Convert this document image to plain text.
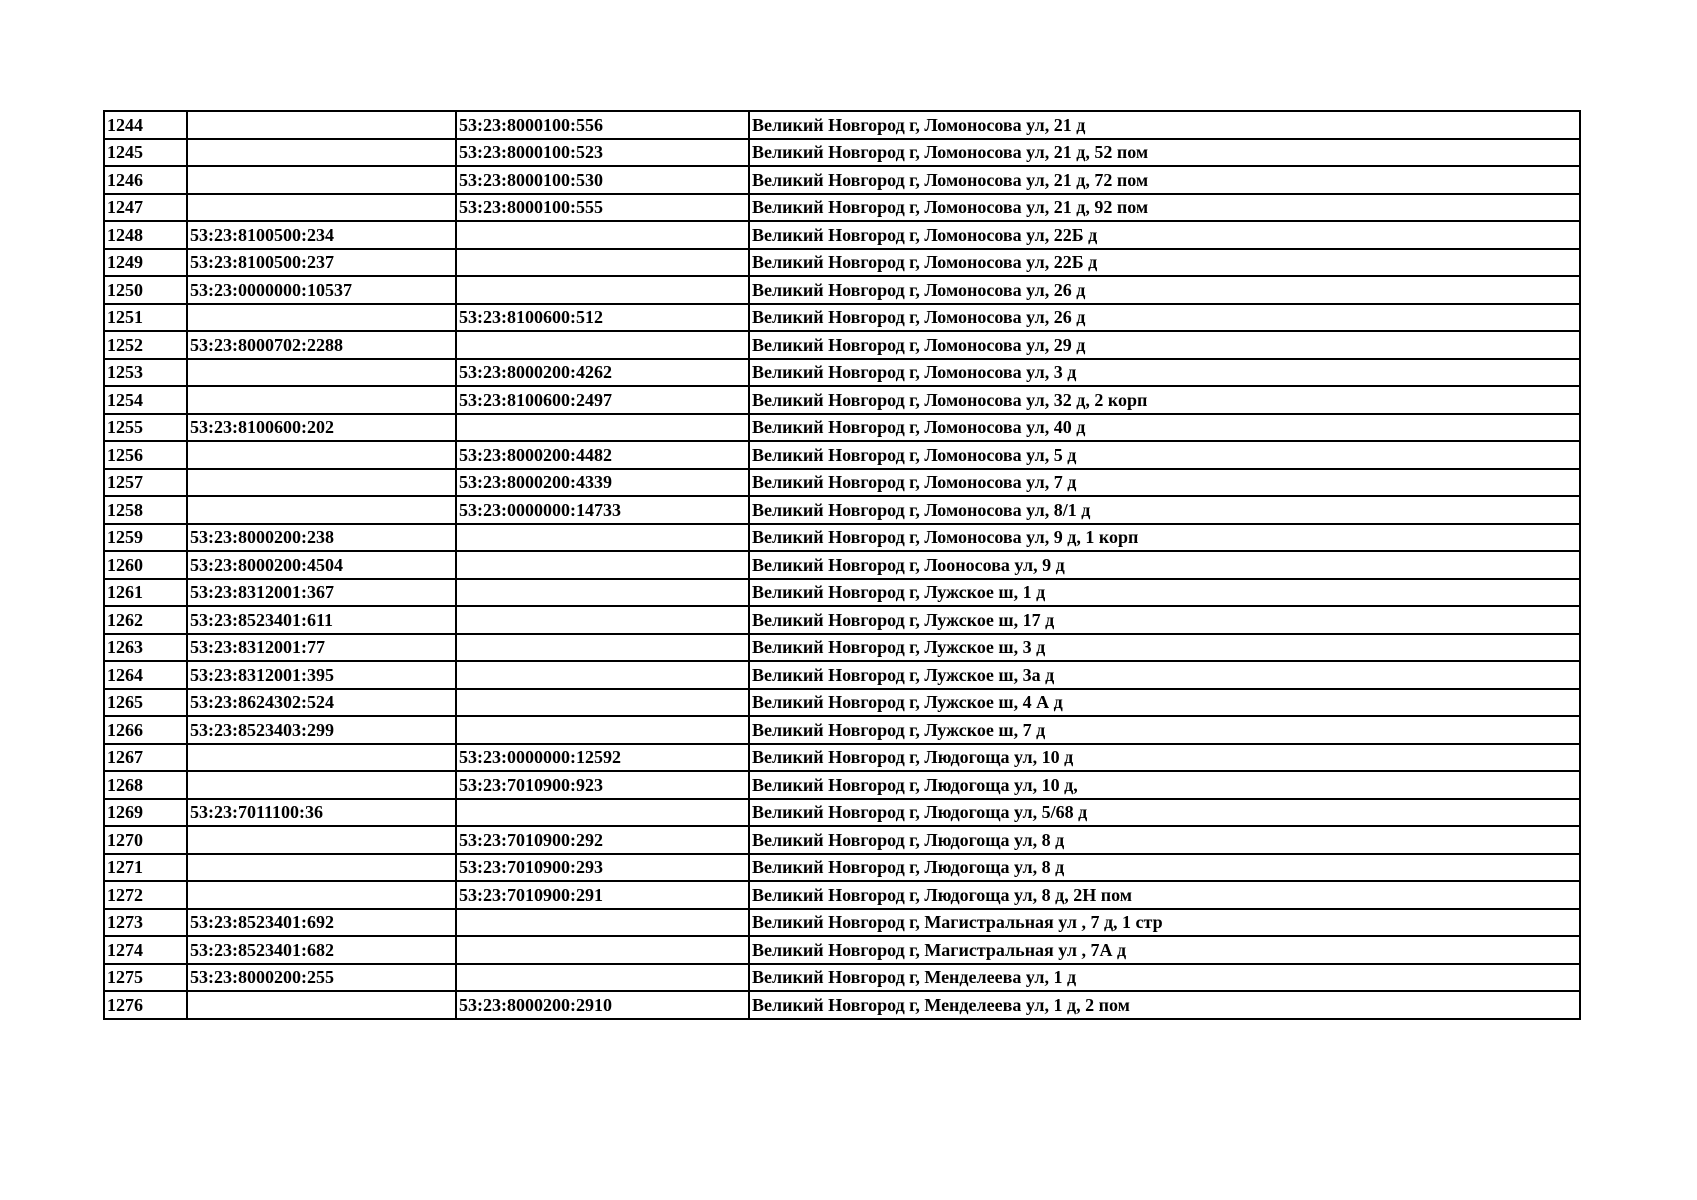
1244		53:23:8000100:556	Великий Новгород г, Ломоносова ул, 21 д
1245		53:23:8000100:523	Великий Новгород г, Ломоносова ул, 21 д, 52 пом
1246		53:23:8000100:530	Великий Новгород г, Ломоносова ул, 21 д, 72 пом
1247		53:23:8000100:555	Великий Новгород г, Ломоносова ул, 21 д, 92 пом
1248	53:23:8100500:234		Великий Новгород г, Ломоносова ул, 22Б д
1249	53:23:8100500:237		Великий Новгород г, Ломоносова ул, 22Б д
1250	53:23:0000000:10537		Великий Новгород г, Ломоносова ул, 26 д
1251		53:23:8100600:512	Великий Новгород г, Ломоносова ул, 26 д
1252	53:23:8000702:2288		Великий Новгород г, Ломоносова ул, 29 д
1253		53:23:8000200:4262	Великий Новгород г, Ломоносова ул, 3 д
1254		53:23:8100600:2497	Великий Новгород г, Ломоносова ул, 32 д, 2 корп
1255	53:23:8100600:202		Великий Новгород г, Ломоносова ул, 40 д
1256		53:23:8000200:4482	Великий Новгород г, Ломоносова ул, 5 д
1257		53:23:8000200:4339	Великий Новгород г, Ломоносова ул, 7 д
1258		53:23:0000000:14733	Великий Новгород г, Ломоносова ул, 8/1 д
1259	53:23:8000200:238		Великий Новгород г, Ломоносова ул, 9 д, 1 корп
1260	53:23:8000200:4504		Великий Новгород г, Лооносова ул, 9 д
1261	53:23:8312001:367		Великий Новгород г, Лужское ш, 1 д
1262	53:23:8523401:611		Великий Новгород г, Лужское ш, 17 д
1263	53:23:8312001:77		Великий Новгород г, Лужское ш, 3 д
1264	53:23:8312001:395		Великий Новгород г, Лужское ш, 3а д
1265	53:23:8624302:524		Великий Новгород г, Лужское ш, 4 А д
1266	53:23:8523403:299		Великий Новгород г, Лужское ш, 7 д
1267		53:23:0000000:12592	Великий Новгород г, Людогоща ул, 10 д
1268		53:23:7010900:923	Великий Новгород г, Людогоща ул, 10 д,
1269	53:23:7011100:36		Великий Новгород г, Людогоща ул, 5/68 д
1270		53:23:7010900:292	Великий Новгород г, Людогоща ул, 8 д
1271		53:23:7010900:293	Великий Новгород г, Людогоща ул, 8 д
1272		53:23:7010900:291	Великий Новгород г, Людогоща ул, 8 д, 2Н пом
1273	53:23:8523401:692		Великий Новгород г, Магистральная ул , 7 д, 1 стр
1274	53:23:8523401:682		Великий Новгород г, Магистральная ул , 7А д
1275	53:23:8000200:255		Великий Новгород г, Менделеева ул, 1 д
1276		53:23:8000200:2910	Великий Новгород г, Менделеева ул, 1 д, 2 пом
